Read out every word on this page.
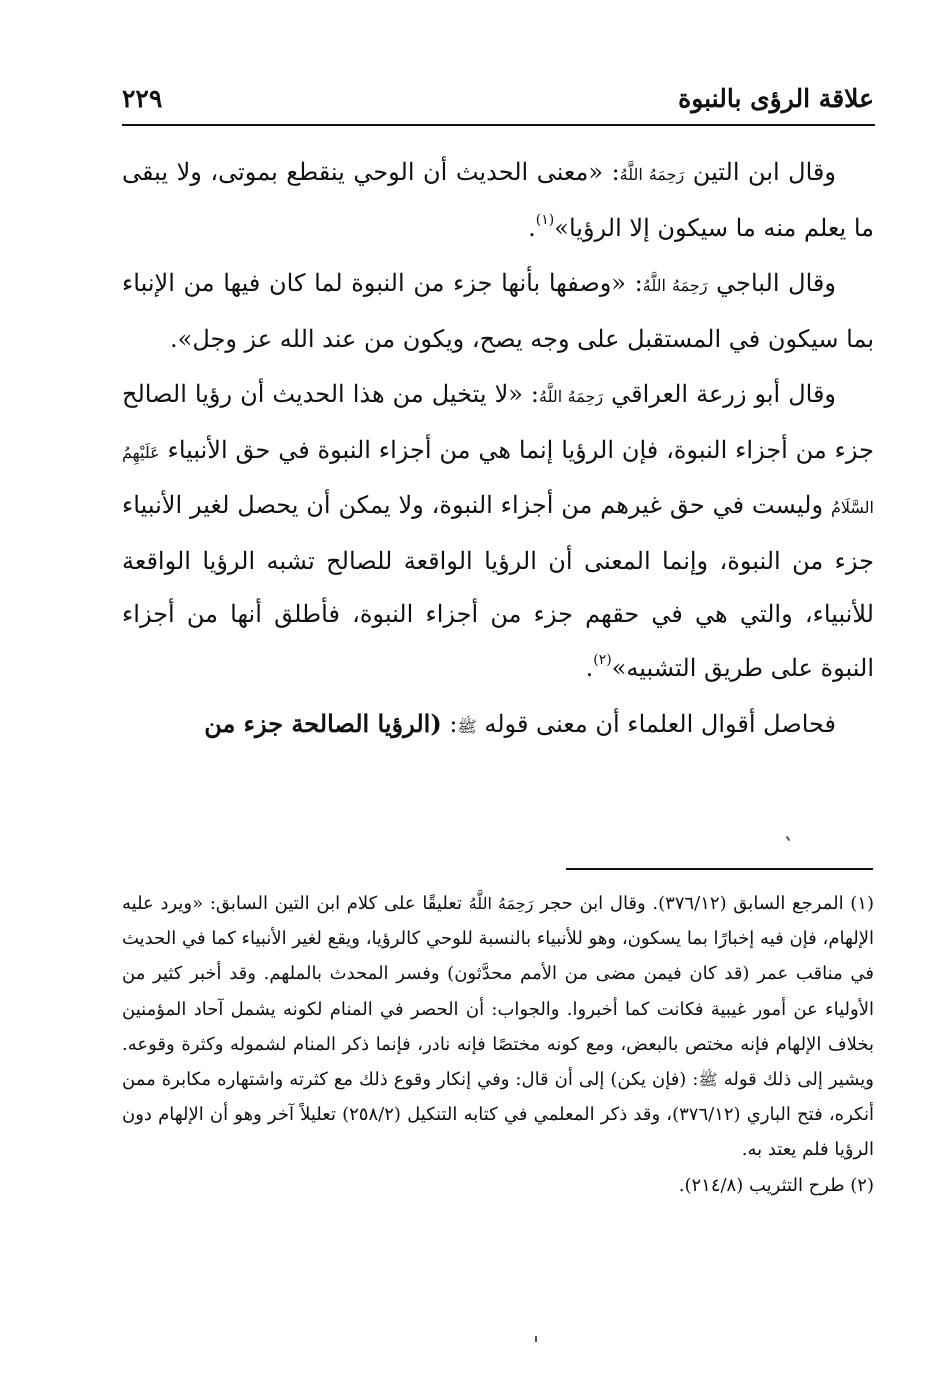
علاقة الرؤى بالنبوة
٢٢٩

وقال ابن التين رَحِمَهُ اللَّهُ: «معنى الحديث أن الوحي ينقطع بموتى، ولا يبقى ما يعلم منه ما سيكون إلا الرؤيا»$^{(١)}$.

وقال الباجي رَحِمَهُ اللَّهُ: «وصفها بأنها جزء من النبوة لما كان فيها من الإنباء بما سيكون في المستقبل على وجه يصح، ويكون من عند الله عز وجل».

وقال أبو زرعة العراقي رَحِمَهُ اللَّهُ: «لا يتخيل من هذا الحديث أن رؤيا الصالح جزء من أجزاء النبوة، فإن الرؤيا إنما هي من أجزاء النبوة في حق الأنبياء عَلَيْهِمُ السَّلَامُ وليست في حق غيرهم من أجزاء النبوة، ولا يمكن أن يحصل لغير الأنبياء جزء من النبوة، وإنما المعنى أن الرؤيا الواقعة للصالح تشبه الرؤيا الواقعة للأنبياء، والتي هي في حقهم جزء من أجزاء النبوة، فأطلق أنها من أجزاء النبوة على طريق التشبيه»$^{(٢)}$.

فحاصل أقوال العلماء أن معنى قوله ﷺ: (الرؤيا الصالحة جزء من

(١) المرجع السابق (٣٧٦/١٢). وقال ابن حجر رَحِمَهُ اللَّهُ تعليقًا على كلام ابن التين السابق: «ويرد عليه الإلهام، فإن فيه إخبارًا بما يسكون، وهو للأنبياء بالنسبة للوحي كالرؤيا، ويقع لغير الأنبياء كما في الحديث في مناقب عمر (قد كان فيمن مضى من الأمم محدَّثون) وفسر المحدث بالملهم. وقد أخبر كثير من الأولياء عن أمور غيبية فكانت كما أخبروا. والجواب: أن الحصر في المنام لكونه يشمل آحاد المؤمنين بخلاف الإلهام فإنه مختص بالبعض، ومع كونه مختصًا فإنه نادر، فإنما ذكر المنام لشموله وكثرة وقوعه. ويشير إلى ذلك قوله ﷺ: (فإن يكن) إلى أن قال: وفي إنكار وقوع ذلك مع كثرته واشتهاره مكابرة ممن أنكره، فتح الباري (٣٧٦/١٢)، وقد ذكر المعلمي في كتابه التنكيل (٢٥٨/٢) تعليلاً آخر وهو أن الإلهام دون الرؤيا فلم يعتد به.

(٢) طرح التثريب (٢١٤/٨).
